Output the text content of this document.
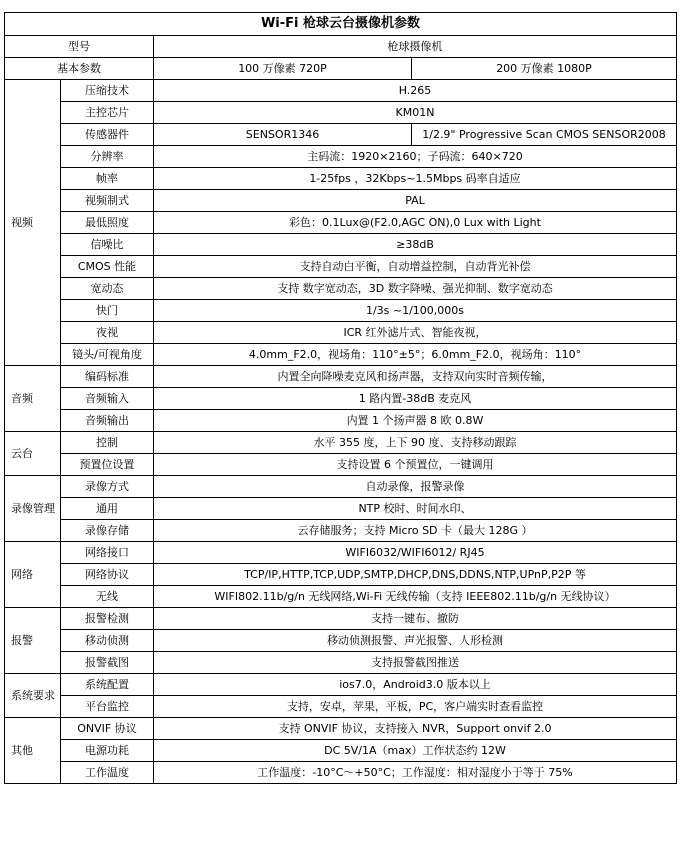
Wi-Fi 枪球云台摄像机参数			
型号		枪球摄像机	
基本参数		100 万像素 720P	200 万像素 1080P
视频	压缩技术	H.265	
	主控芯片	KM01N	
	传感器件	SENSOR1346	1/2.9" Progressive Scan CMOS SENSOR2008
	分辨率	主码流：1920×2160；子码流：640×720	
	帧率	1-25fps ，32Kbps~1.5Mbps 码率自适应	
	视频制式	PAL	
	最低照度	彩色：0.1Lux@(F2.0,AGC ON),0 Lux with Light	
	信噪比	≥38dB	
	CMOS 性能	支持自动白平衡，自动增益控制，自动背光补偿	
	宽动态	支持 数字宽动态，3D 数字降噪、强光抑制、数字宽动态	
	快门	1/3s ~1/100,000s	
	夜视	ICR 红外滤片式、智能夜视，	
	镜头/可视角度	4.0mm_F2.0，视场角：110°±5°；6.0mm_F2.0，视场角：110°	
音频	编码标准	内置全向降噪麦克风和扬声器，支持双向实时音频传输，	
	音频输入	1 路内置-38dB 麦克风	
	音频输出	内置 1 个扬声器 8 欧 0.8W	
云台	控制	水平 355 度，上下 90 度、支持移动跟踪	
	预置位设置	支持设置 6 个预置位，一键调用	
录像管理	录像方式	自动录像，报警录像	
	通用	NTP 校时、时间水印、	
	录像存储	云存储服务；支持 Micro SD 卡（最大 128G ）	
网络	网络接口	WIFI6032/WIFI6012/ RJ45	
	网络协议	TCP/IP,HTTP,TCP,UDP,SMTP,DHCP,DNS,DDNS,NTP,UPnP,P2P 等	
	无线	WIFI802.11b/g/n 无线网络,Wi-Fi 无线传输（支持 IEEE802.11b/g/n 无线协议）	
报警	报警检测	支持一键布、撤防	
	移动侦测	移动侦测报警、声光报警、人形检测	
	报警截图	支持报警截图推送	
系统要求	系统配置	ios7.0，Android3.0 版本以上	
	平台监控	支持，安卓，苹果，平板，PC，客户端实时查看监控	
其他	ONVIF 协议	支持 ONVIF 协议，支持接入 NVR，Support onvif 2.0	
	电源功耗	DC 5V/1A（max）工作状态约 12W	
	工作温度	工作温度：-10°C～+50°C；工作湿度：相对湿度小于等于 75%	
